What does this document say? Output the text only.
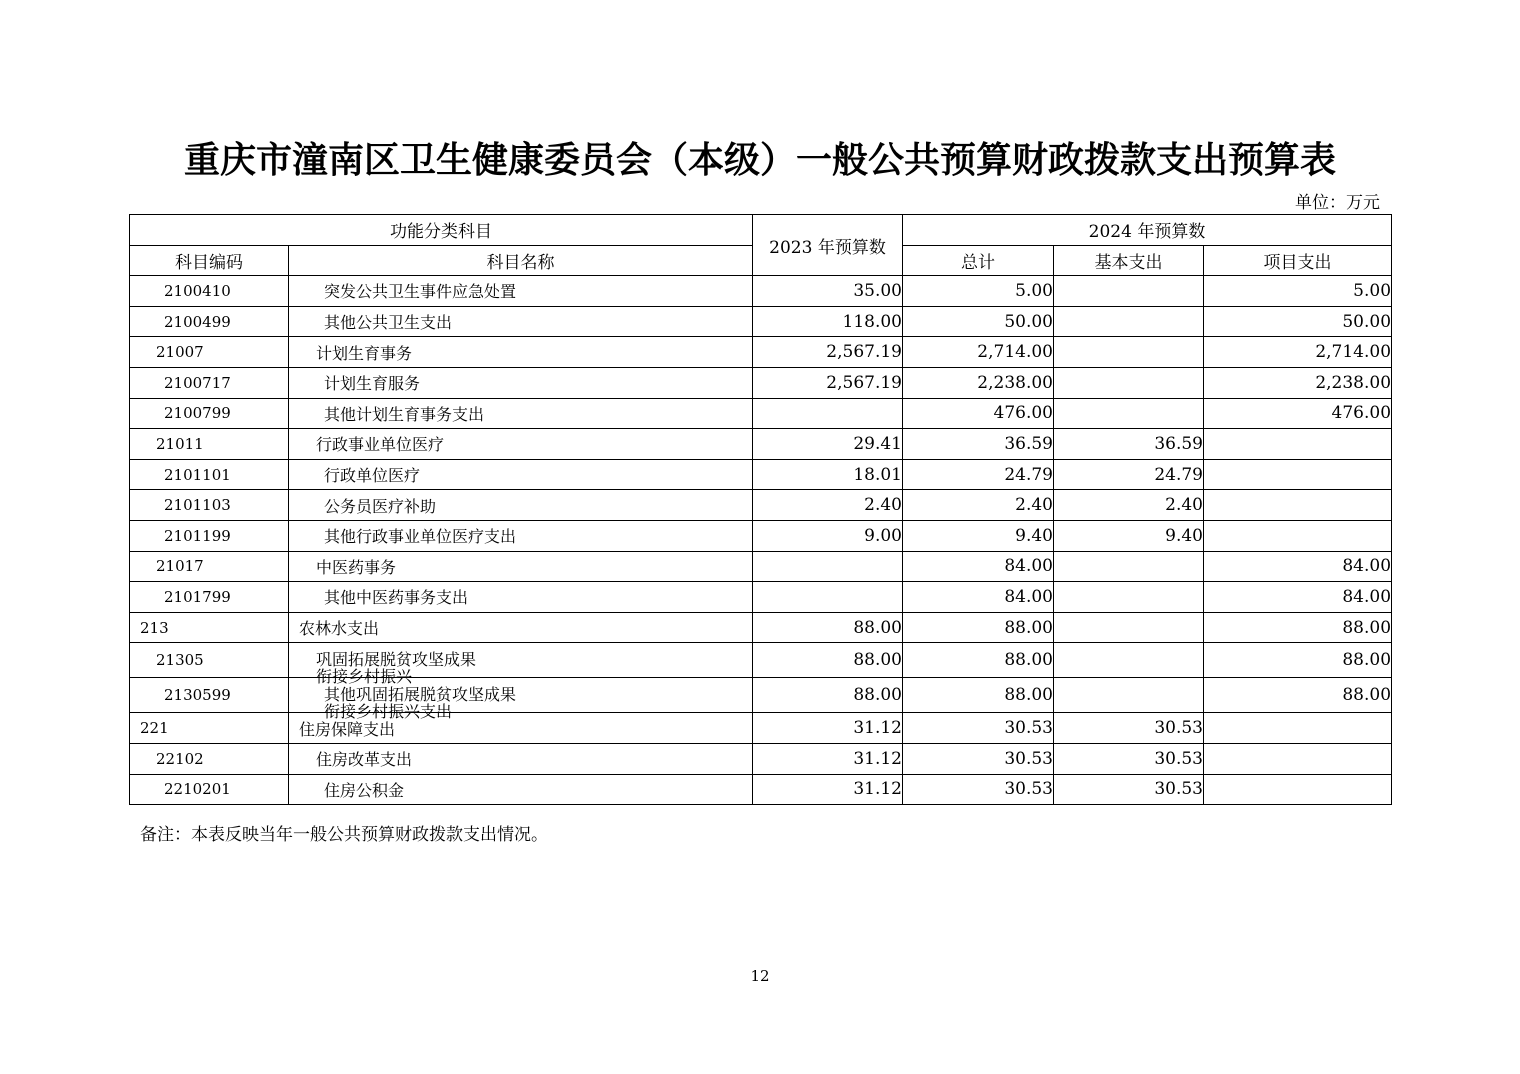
重庆市潼南区卫生健康委员会（本级）一般公共预算财政拨款支出预算表
单位：万元
功能分类科目		2023 年预算数	2024 年预算数		
科目编码	科目名称		总计	基本支出	项目支出
2100410	突发公共卫生事件应急处置	35.00	5.00		5.00
2100499	其他公共卫生支出	118.00	50.00		50.00
21007	计划生育事务	2,567.19	2,714.00		2,714.00
2100717	计划生育服务	2,567.19	2,238.00		2,238.00
2100799	其他计划生育事务支出		476.00		476.00
21011	行政事业单位医疗	29.41	36.59	36.59	
2101101	行政单位医疗	18.01	24.79	24.79	
2101103	公务员医疗补助	2.40	2.40	2.40	
2101199	其他行政事业单位医疗支出	9.00	9.40	9.40	
21017	中医药事务		84.00		84.00
2101799	其他中医药事务支出		84.00		84.00
213	农林水支出	88.00	88.00		88.00
21305	巩固拓展脱贫攻坚成果
衔接乡村振兴	88.00	88.00		88.00
2130599	其他巩固拓展脱贫攻坚成果
衔接乡村振兴支出	88.00	88.00		88.00
221	住房保障支出	31.12	30.53	30.53	
22102	住房改革支出	31.12	30.53	30.53	
2210201	住房公积金	31.12	30.53	30.53	
备注：本表反映当年一般公共预算财政拨款支出情况。
12
